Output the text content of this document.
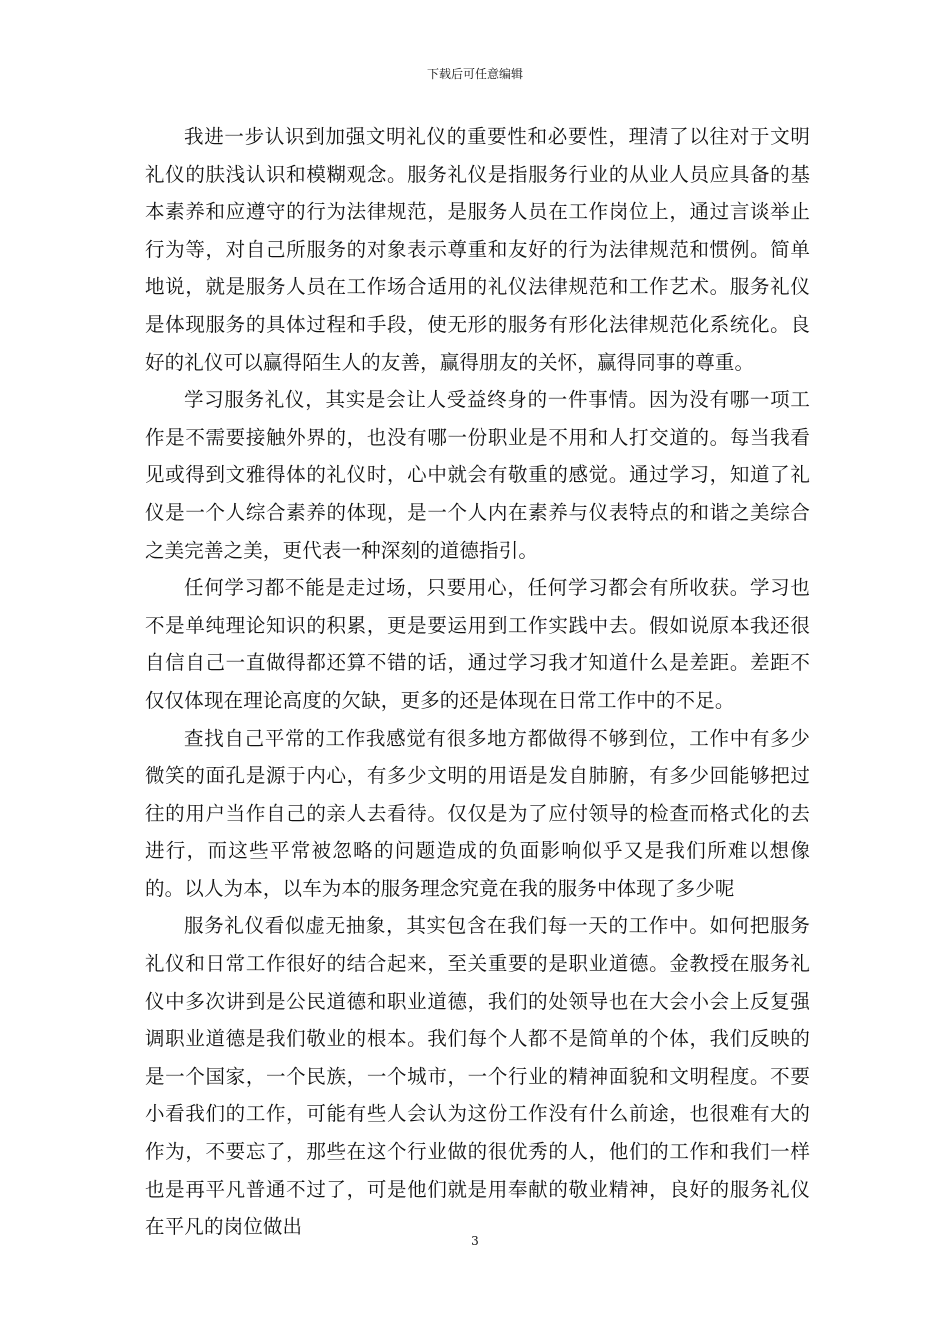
下载后可任意编辑

我进一步认识到加强文明礼仪的重要性和必要性，理清了以往对于文明礼仪的肤浅认识和模糊观念。服务礼仪是指服务行业的从业人员应具备的基本素养和应遵守的行为法律规范，是服务人员在工作岗位上，通过言谈举止行为等，对自己所服务的对象表示尊重和友好的行为法律规范和惯例。简单地说，就是服务人员在工作场合适用的礼仪法律规范和工作艺术。服务礼仪是体现服务的具体过程和手段，使无形的服务有形化法律规范化系统化。良好的礼仪可以赢得陌生人的友善，赢得朋友的关怀，赢得同事的尊重。

学习服务礼仪，其实是会让人受益终身的一件事情。因为没有哪一项工作是不需要接触外界的，也没有哪一份职业是不用和人打交道的。每当我看见或得到文雅得体的礼仪时，心中就会有敬重的感觉。通过学习，知道了礼仪是一个人综合素养的体现，是一个人内在素养与仪表特点的和谐之美综合之美完善之美，更代表一种深刻的道德指引。

任何学习都不能是走过场，只要用心，任何学习都会有所收获。学习也不是单纯理论知识的积累，更是要运用到工作实践中去。假如说原本我还很自信自己一直做得都还算不错的话，通过学习我才知道什么是差距。差距不仅仅体现在理论高度的欠缺，更多的还是体现在日常工作中的不足。

查找自己平常的工作我感觉有很多地方都做得不够到位，工作中有多少微笑的面孔是源于内心，有多少文明的用语是发自肺腑，有多少回能够把过往的用户当作自己的亲人去看待。仅仅是为了应付领导的检查而格式化的去进行，而这些平常被忽略的问题造成的负面影响似乎又是我们所难以想像的。以人为本，以车为本的服务理念究竟在我的服务中体现了多少呢

服务礼仪看似虚无抽象，其实包含在我们每一天的工作中。如何把服务礼仪和日常工作很好的结合起来，至关重要的是职业道德。金教授在服务礼仪中多次讲到是公民道德和职业道德，我们的处领导也在大会小会上反复强调职业道德是我们敬业的根本。我们每个人都不是简单的个体，我们反映的是一个国家，一个民族，一个城市，一个行业的精神面貌和文明程度。不要小看我们的工作，可能有些人会认为这份工作没有什么前途，也很难有大的作为，不要忘了，那些在这个行业做的很优秀的人，他们的工作和我们一样也是再平凡普通不过了，可是他们就是用奉献的敬业精神，良好的服务礼仪在平凡的岗位做出

3
